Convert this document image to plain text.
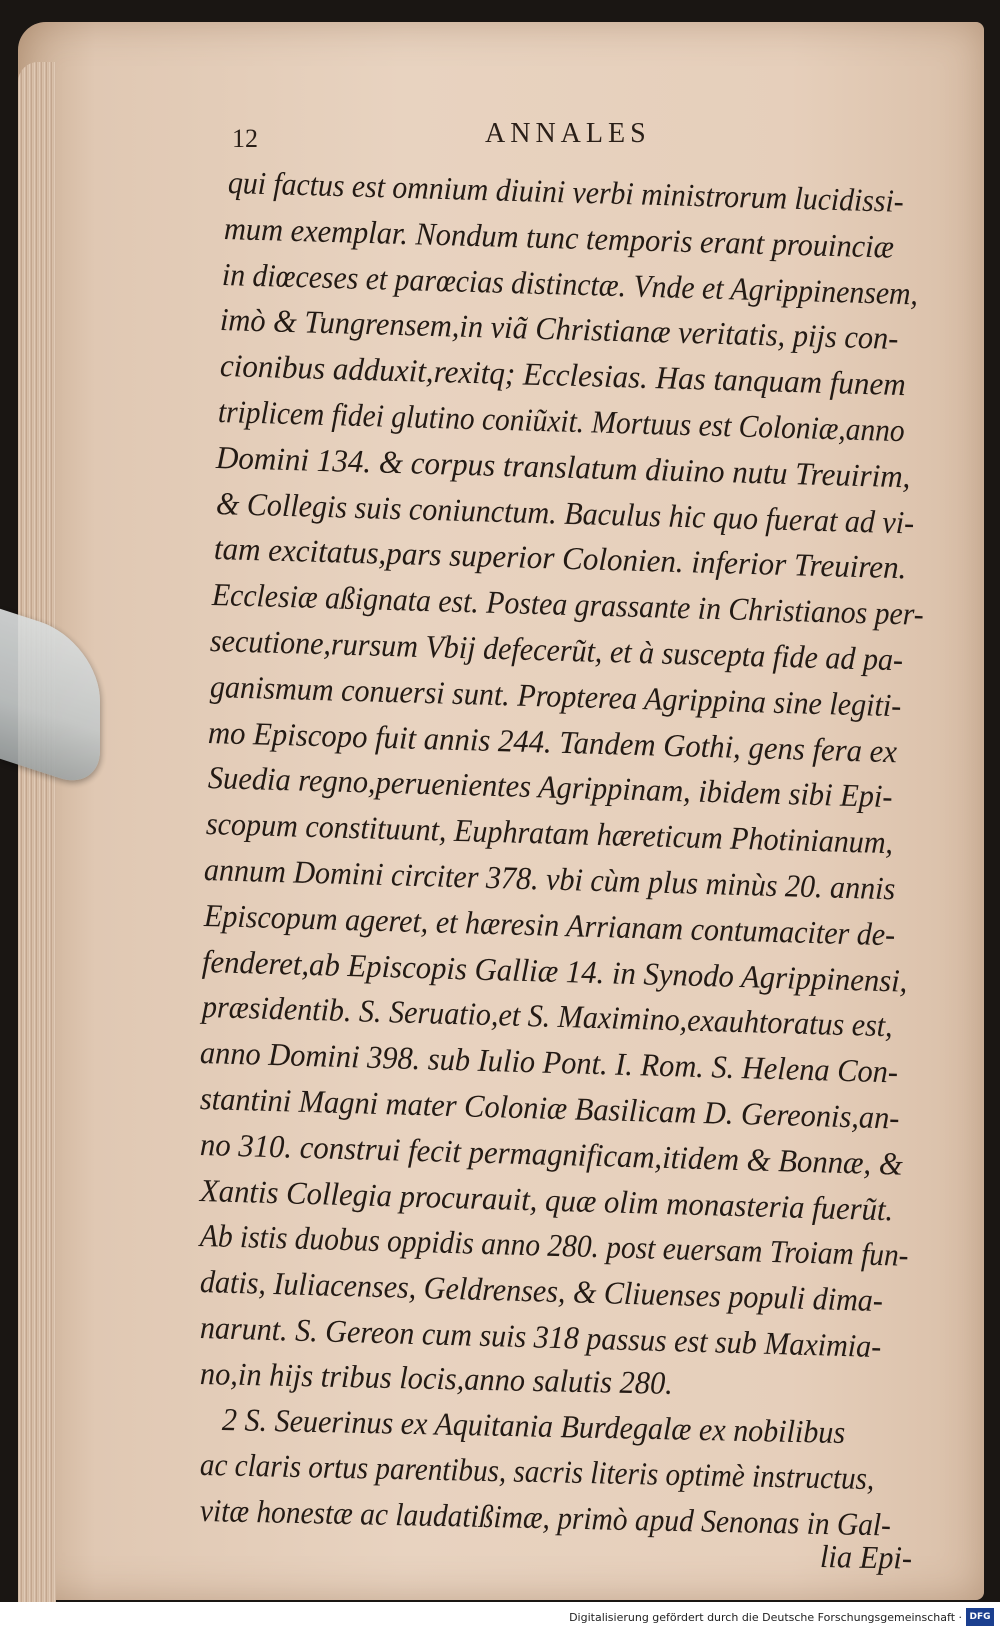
12	ANNALES
qui factus est omnium diuini verbi ministrorum lucidissi-
mum exemplar. Nondum tunc temporis erant prouinciæ
in diœceses et parœcias distinctæ. Vnde et Agrippinensem,
imò & Tungrensem,in viã Christianæ veritatis, pijs con-
cionibus adduxit,rexitq; Ecclesias. Has tanquam funem
triplicem fidei glutino coniũxit. Mortuus est Coloniæ,anno
Domini 134. & corpus translatum diuino nutu Treuirim,
& Collegis suis coniunctum. Baculus hic quo fuerat ad vi-
tam excitatus,pars superior Colonien. inferior Treuiren.
Ecclesiæ aßignata est. Postea grassante in Christianos per-
secutione,rursum Vbij defecerũt, et à suscepta fide ad pa-
ganismum conuersi sunt. Propterea Agrippina sine legiti-
mo Episcopo fuit annis 244. Tandem Gothi, gens fera ex
Suedia regno,peruenientes Agrippinam, ibidem sibi Epi-
scopum constituunt, Euphratam hæreticum Photinianum,
annum Domini circiter 378. vbi cùm plus minùs 20. annis
Episcopum ageret, et hæresin Arrianam contumaciter de-
fenderet,ab Episcopis Galliæ 14. in Synodo Agrippinensi,
præsidentib. S. Seruatio,et S. Maximino,exauhtoratus est,
anno Domini 398. sub Iulio Pont. I. Rom. S. Helena Con-
stantini Magni mater Coloniæ Basilicam D. Gereonis,an-
no 310. construi fecit permagnificam,itidem & Bonnæ, &
Xantis Collegia procurauit, quæ olim monasteria fuerũt.
Ab istis duobus oppidis anno 280. post euersam Troiam fun-
datis, Iuliacenses, Geldrenses, & Cliuenses populi dima-
narunt. S. Gereon cum suis 318 passus est sub Maximia-
no,in hijs tribus locis,anno salutis 280.
2 S. Seuerinus ex Aquitania Burdegalæ ex nobilibus
ac claris ortus parentibus, sacris literis optimè instructus,
vitæ honestæ ac laudatißimæ, primò apud Senonas in Gal-
lia Epi-
Digitalisierung gefördert durch die Deutsche Forschungsgemeinschaft · DFG
